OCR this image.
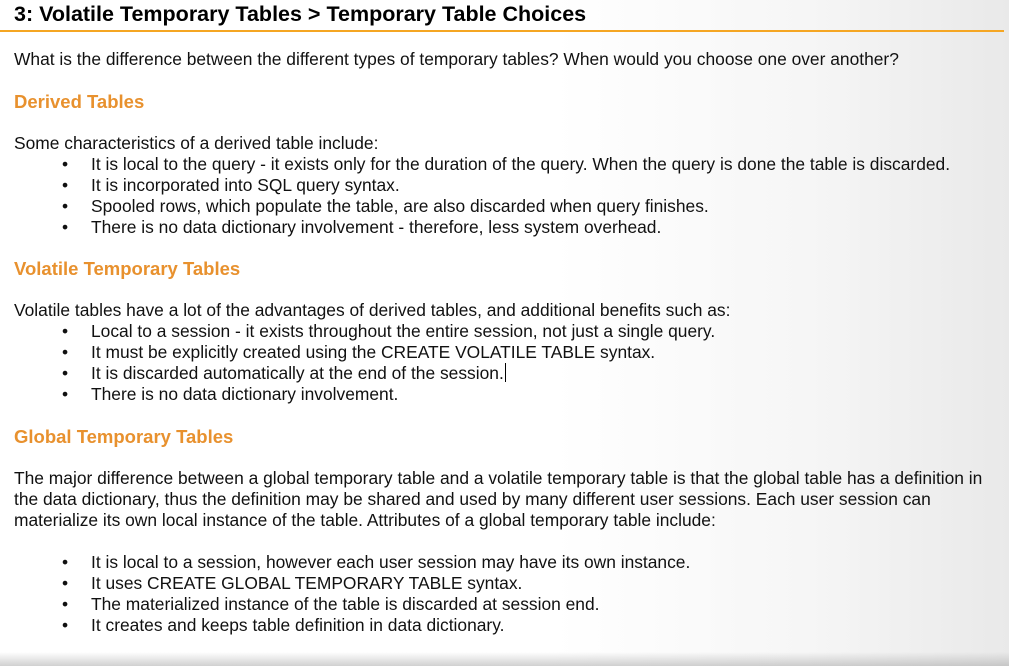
3: Volatile Temporary Tables > Temporary Table Choices

What is the difference between the different types of temporary tables? When would you choose one over another?

Derived Tables

Some characteristics of a derived table include:

• It is local to the query - it exists only for the duration of the query. When the query is done the table is discarded.
• It is incorporated into SQL query syntax.
• Spooled rows, which populate the table, are also discarded when query finishes.
• There is no data dictionary involvement - therefore, less system overhead.
Volatile Temporary Tables

Volatile tables have a lot of the advantages of derived tables, and additional benefits such as:

• Local to a session - it exists throughout the entire session, not just a single query.
• It must be explicitly created using the CREATE VOLATILE TABLE syntax.
• It is discarded automatically at the end of the session.
• There is no data dictionary involvement.
Global Temporary Tables

The major difference between a global temporary table and a volatile temporary table is that the global table has a definition in the data dictionary, thus the definition may be shared and used by many different user sessions. Each user session can materialize its own local instance of the table. Attributes of a global temporary table include:

• It is local to a session, however each user session may have its own instance.
• It uses CREATE GLOBAL TEMPORARY TABLE syntax.
• The materialized instance of the table is discarded at session end.
• It creates and keeps table definition in data dictionary.
